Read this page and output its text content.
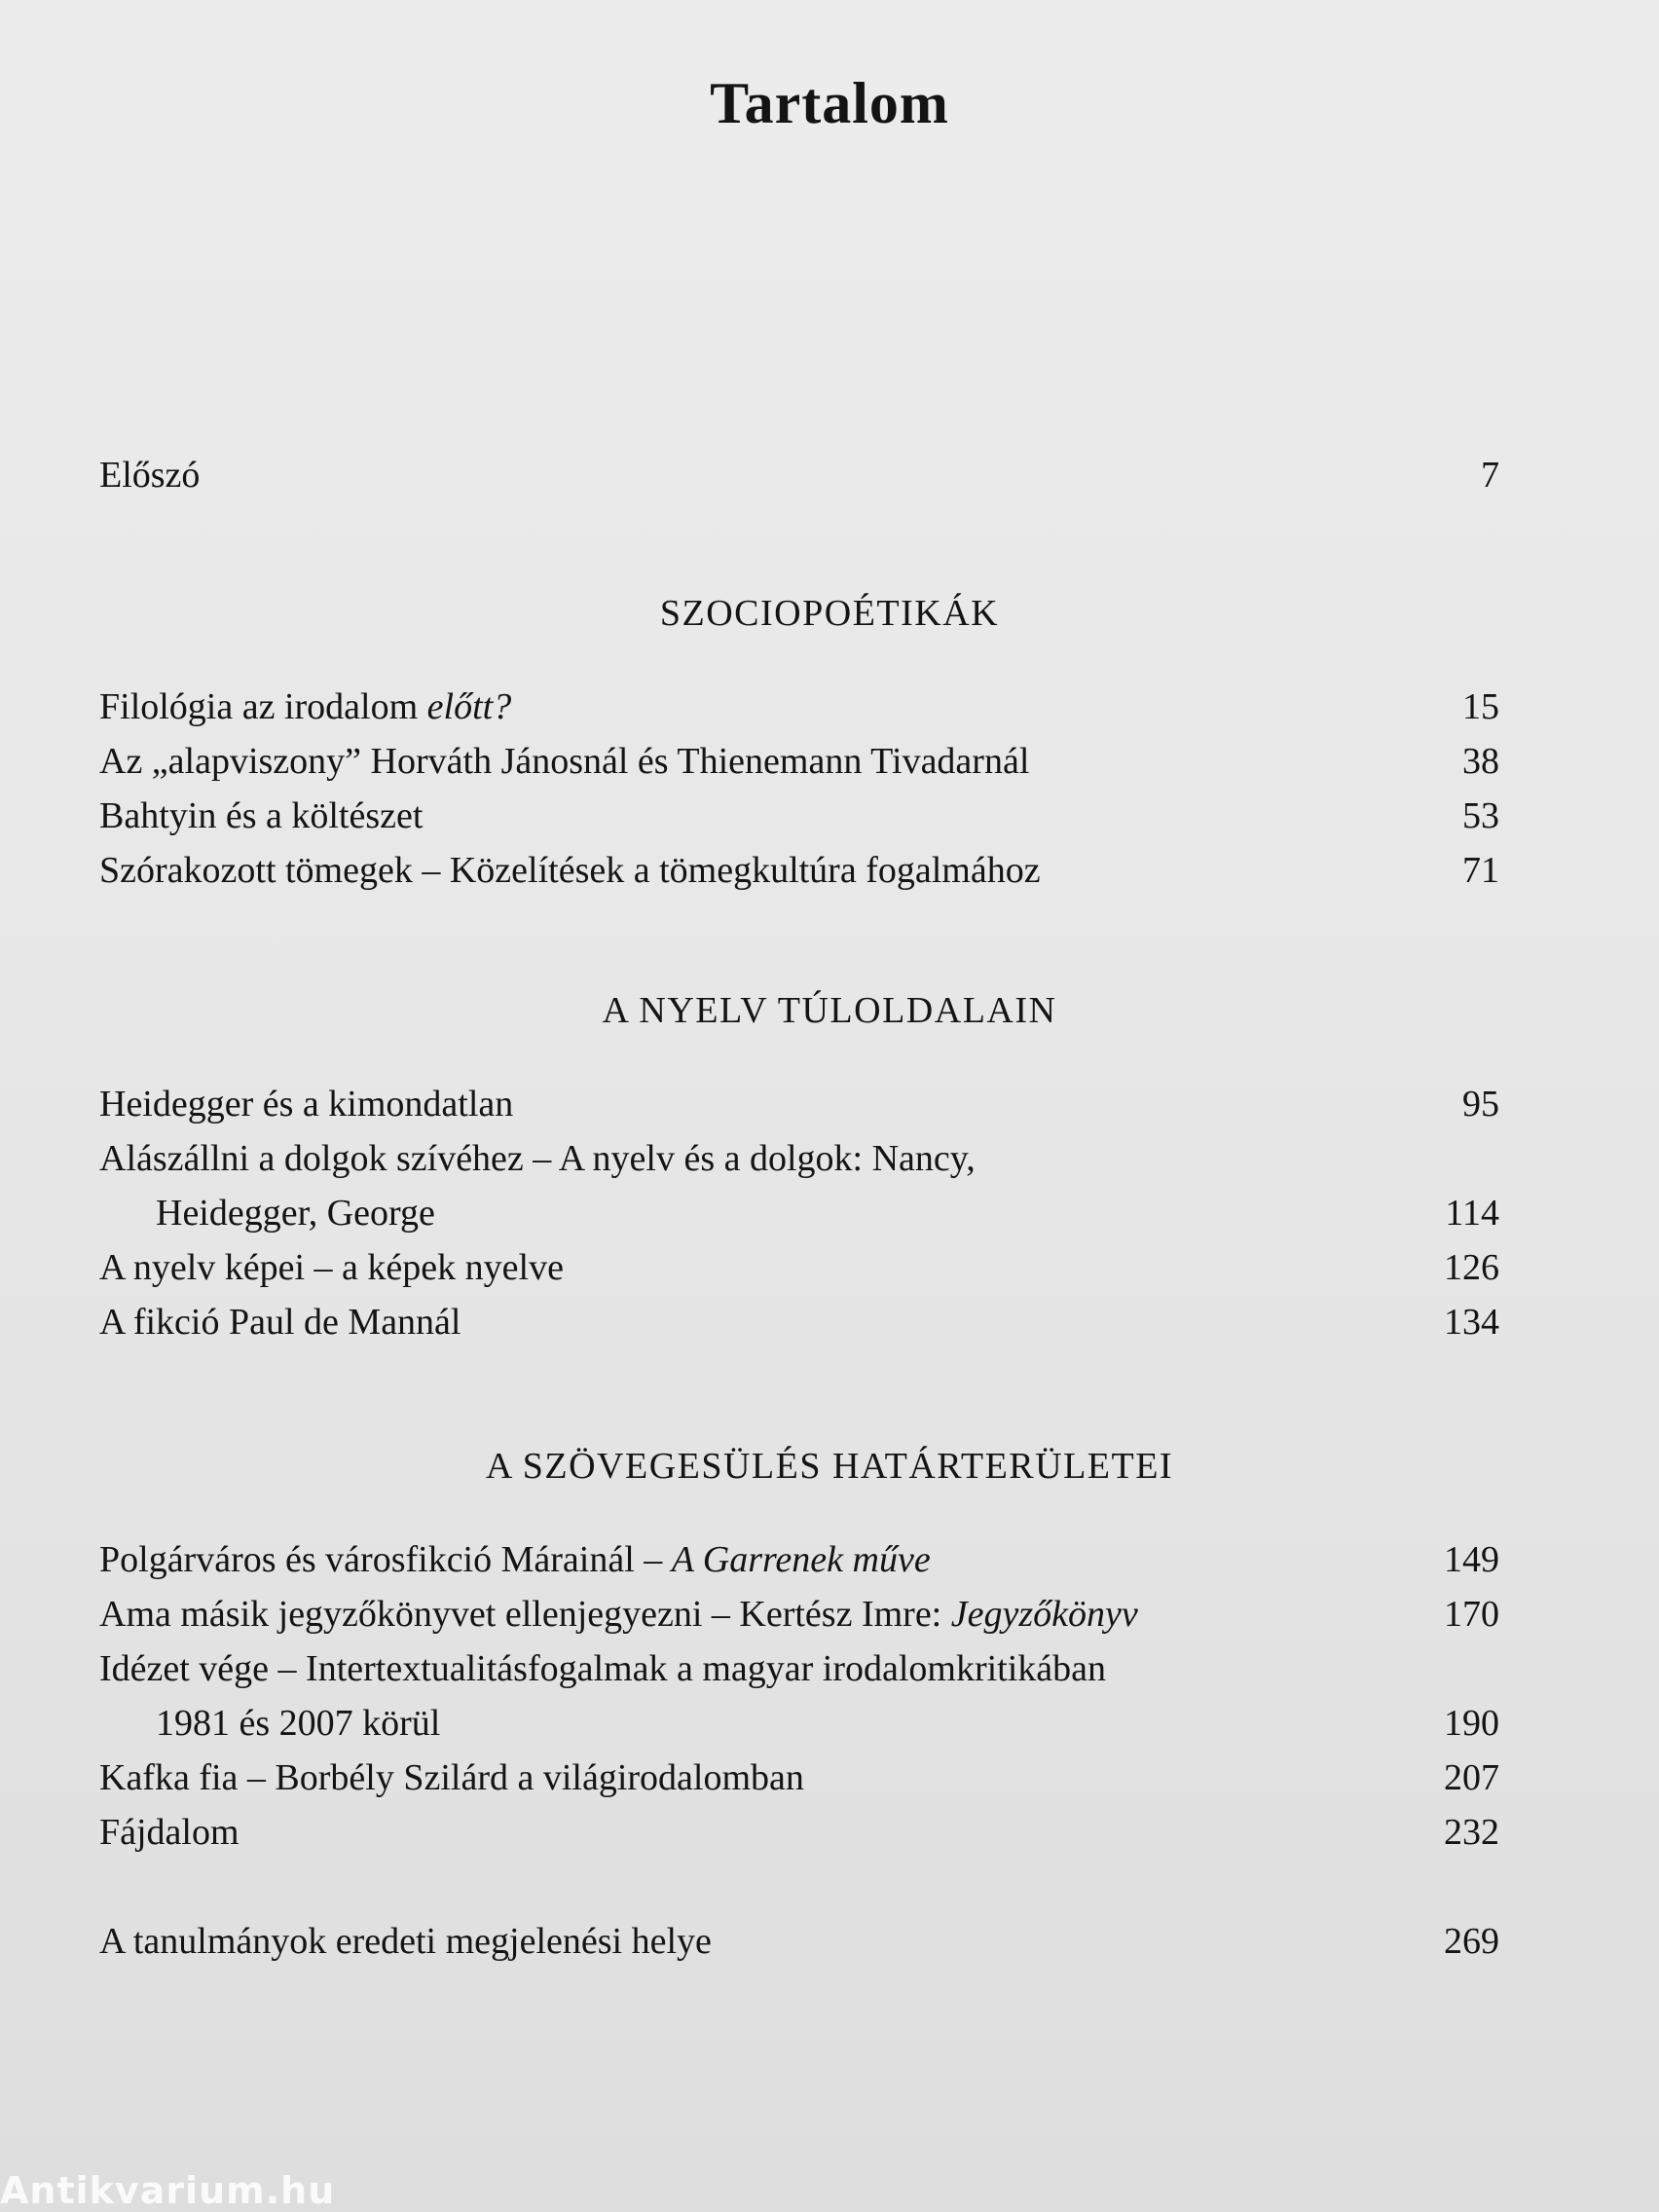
Tartalom
Előszó	7
SZOCIOPOÉTIKÁK
Filológia az irodalom előtt?	15
Az „alapviszony” Horváth Jánosnál és Thienemann Tivadarnál	38
Bahtyin és a költészet	53
Szórakozott tömegek – Közelítések a tömegkultúra fogalmához	71
A NYELV TÚLOLDALAIN
Heidegger és a kimondatlan	95
Alászállni a dolgok szívéhez – A nyelv és a dolgok: Nancy,
Heidegger, George	114
A nyelv képei – a képek nyelve	126
A fikció Paul de Mannál	134
A SZÖVEGESÜLÉS HATÁRTERÜLETEI
Polgárváros és városfikció Márainál – A Garrenek műve	149
Ama másik jegyzőkönyvet ellenjegyezni – Kertész Imre: Jegyzőkönyv	170
Idézet vége – Intertextualitásfogalmak a magyar irodalomkritikában
1981 és 2007 körül	190
Kafka fia – Borbély Szilárd a világirodalomban	207
Fájdalom	232
A tanulmányok eredeti megjelenési helye	269
Antikvarium.hu
